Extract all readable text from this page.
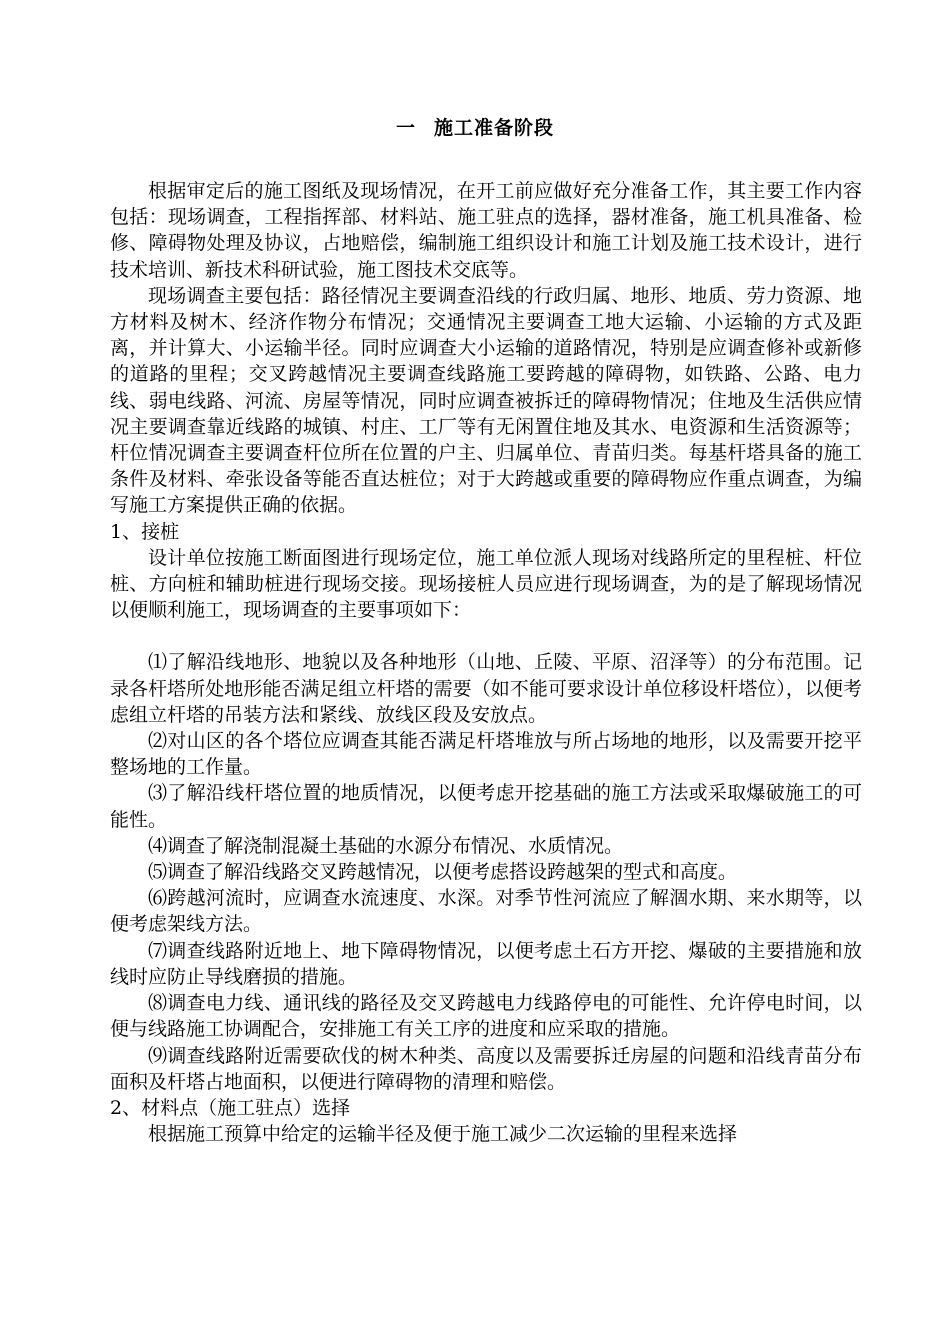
一 施工准备阶段

根据审定后的施工图纸及现场情况，在开工前应做好充分准备工作，其主要工作内容包括：现场调查，工程指挥部、材料站、施工驻点的选择，器材准备，施工机具准备、检修、障碍物处理及协议，占地赔偿，编制施工组织设计和施工计划及施工技术设计，进行技术培训、新技术科研试验，施工图技术交底等。

现场调查主要包括：路径情况主要调查沿线的行政归属、地形、地质、劳力资源、地方材料及树木、经济作物分布情况；交通情况主要调查工地大运输、小运输的方式及距离，并计算大、小运输半径。同时应调查大小运输的道路情况，特别是应调查修补或新修的道路的里程；交叉跨越情况主要调查线路施工要跨越的障碍物，如铁路、公路、电力线、弱电线路、河流、房屋等情况，同时应调查被拆迁的障碍物情况；住地及生活供应情况主要调查靠近线路的城镇、村庄、工厂等有无闲置住地及其水、电资源和生活资源等；杆位情况调查主要调查杆位所在位置的户主、归属单位、青苗归类。每基杆塔具备的施工条件及材料、牵张设备等能否直达桩位；对于大跨越或重要的障碍物应作重点调查，为编写施工方案提供正确的依据。

1、接桩

设计单位按施工断面图进行现场定位，施工单位派人现场对线路所定的里程桩、杆位桩、方向桩和辅助桩进行现场交接。现场接桩人员应进行现场调查，为的是了解现场情况以便顺利施工，现场调查的主要事项如下：

⑴了解沿线地形、地貌以及各种地形（山地、丘陵、平原、沼泽等）的分布范围。记录各杆塔所处地形能否满足组立杆塔的需要（如不能可要求设计单位移设杆塔位），以便考虑组立杆塔的吊装方法和紧线、放线区段及安放点。

⑵对山区的各个塔位应调查其能否满足杆塔堆放与所占场地的地形，以及需要开挖平整场地的工作量。

⑶了解沿线杆塔位置的地质情况，以便考虑开挖基础的施工方法或采取爆破施工的可能性。

⑷调查了解浇制混凝土基础的水源分布情况、水质情况。

⑸调查了解沿线路交叉跨越情况，以便考虑搭设跨越架的型式和高度。

⑹跨越河流时，应调查水流速度、水深。对季节性河流应了解涸水期、来水期等，以便考虑架线方法。

⑺调查线路附近地上、地下障碍物情况，以便考虑土石方开挖、爆破的主要措施和放线时应防止导线磨损的措施。

⑻调查电力线、通讯线的路径及交叉跨越电力线路停电的可能性、允许停电时间，以便与线路施工协调配合，安排施工有关工序的进度和应采取的措施。

⑼调查线路附近需要砍伐的树木种类、高度以及需要拆迁房屋的问题和沿线青苗分布面积及杆塔占地面积，以便进行障碍物的清理和赔偿。

2、材料点（施工驻点）选择

根据施工预算中给定的运输半径及便于施工减少二次运输的里程来选择
